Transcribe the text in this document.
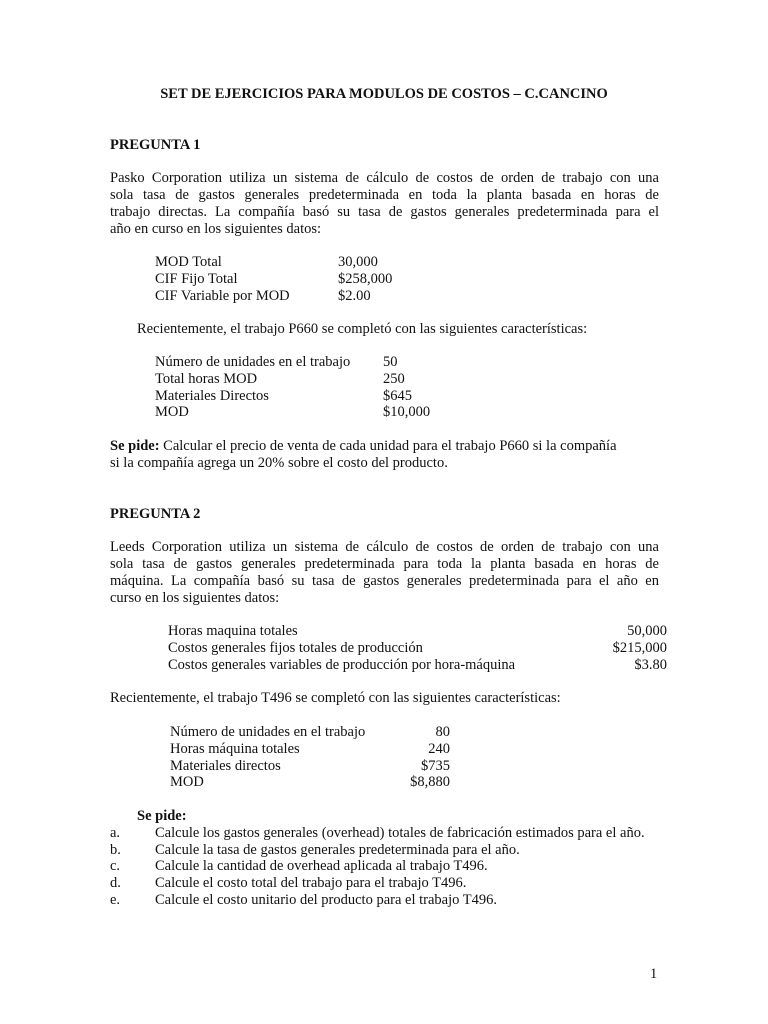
SET DE EJERCICIOS PARA MODULOS DE COSTOS – C.CANCINO
PREGUNTA 1
Pasko Corporation utiliza un sistema de cálculo de costos de orden de trabajo con una
sola tasa de gastos generales predeterminada en toda la planta basada en horas de
trabajo directas. La compañía basó su tasa de gastos generales predeterminada para el
año en curso en los siguientes datos:
MOD Total	30,000
CIF Fijo Total	$258,000
CIF Variable por MOD	$2.00
Recientemente, el trabajo P660 se completó con las siguientes características:
Número de unidades en el trabajo 50
Total horas MOD	250
Materiales Directos	$645
MOD	$10,000
Se pide: Calcular el precio de venta de cada unidad para el trabajo P660 si la compañía
si la compañía agrega un 20% sobre el costo del producto.
PREGUNTA 2
Leeds Corporation utiliza un sistema de cálculo de costos de orden de trabajo con una
sola tasa de gastos generales predeterminada para toda la planta basada en horas de
máquina. La compañía basó su tasa de gastos generales predeterminada para el año en
curso en los siguientes datos:
Horas maquina totales	50,000
Costos generales fijos totales de producción	$215,000
Costos generales variables de producción por hora-máquina	$3.80
Recientemente, el trabajo T496 se completó con las siguientes características:
Número de unidades en el trabajo	80
Horas máquina totales	240
Materiales directos	$735
MOD	$8,880
Se pide:
a. Calcule los gastos generales (overhead) totales de fabricación estimados para el año.
b. Calcule la tasa de gastos generales predeterminada para el año.
c. Calcule la cantidad de overhead aplicada al trabajo T496.
d. Calcule el costo total del trabajo para el trabajo T496.
e. Calcule el costo unitario del producto para el trabajo T496.
1
